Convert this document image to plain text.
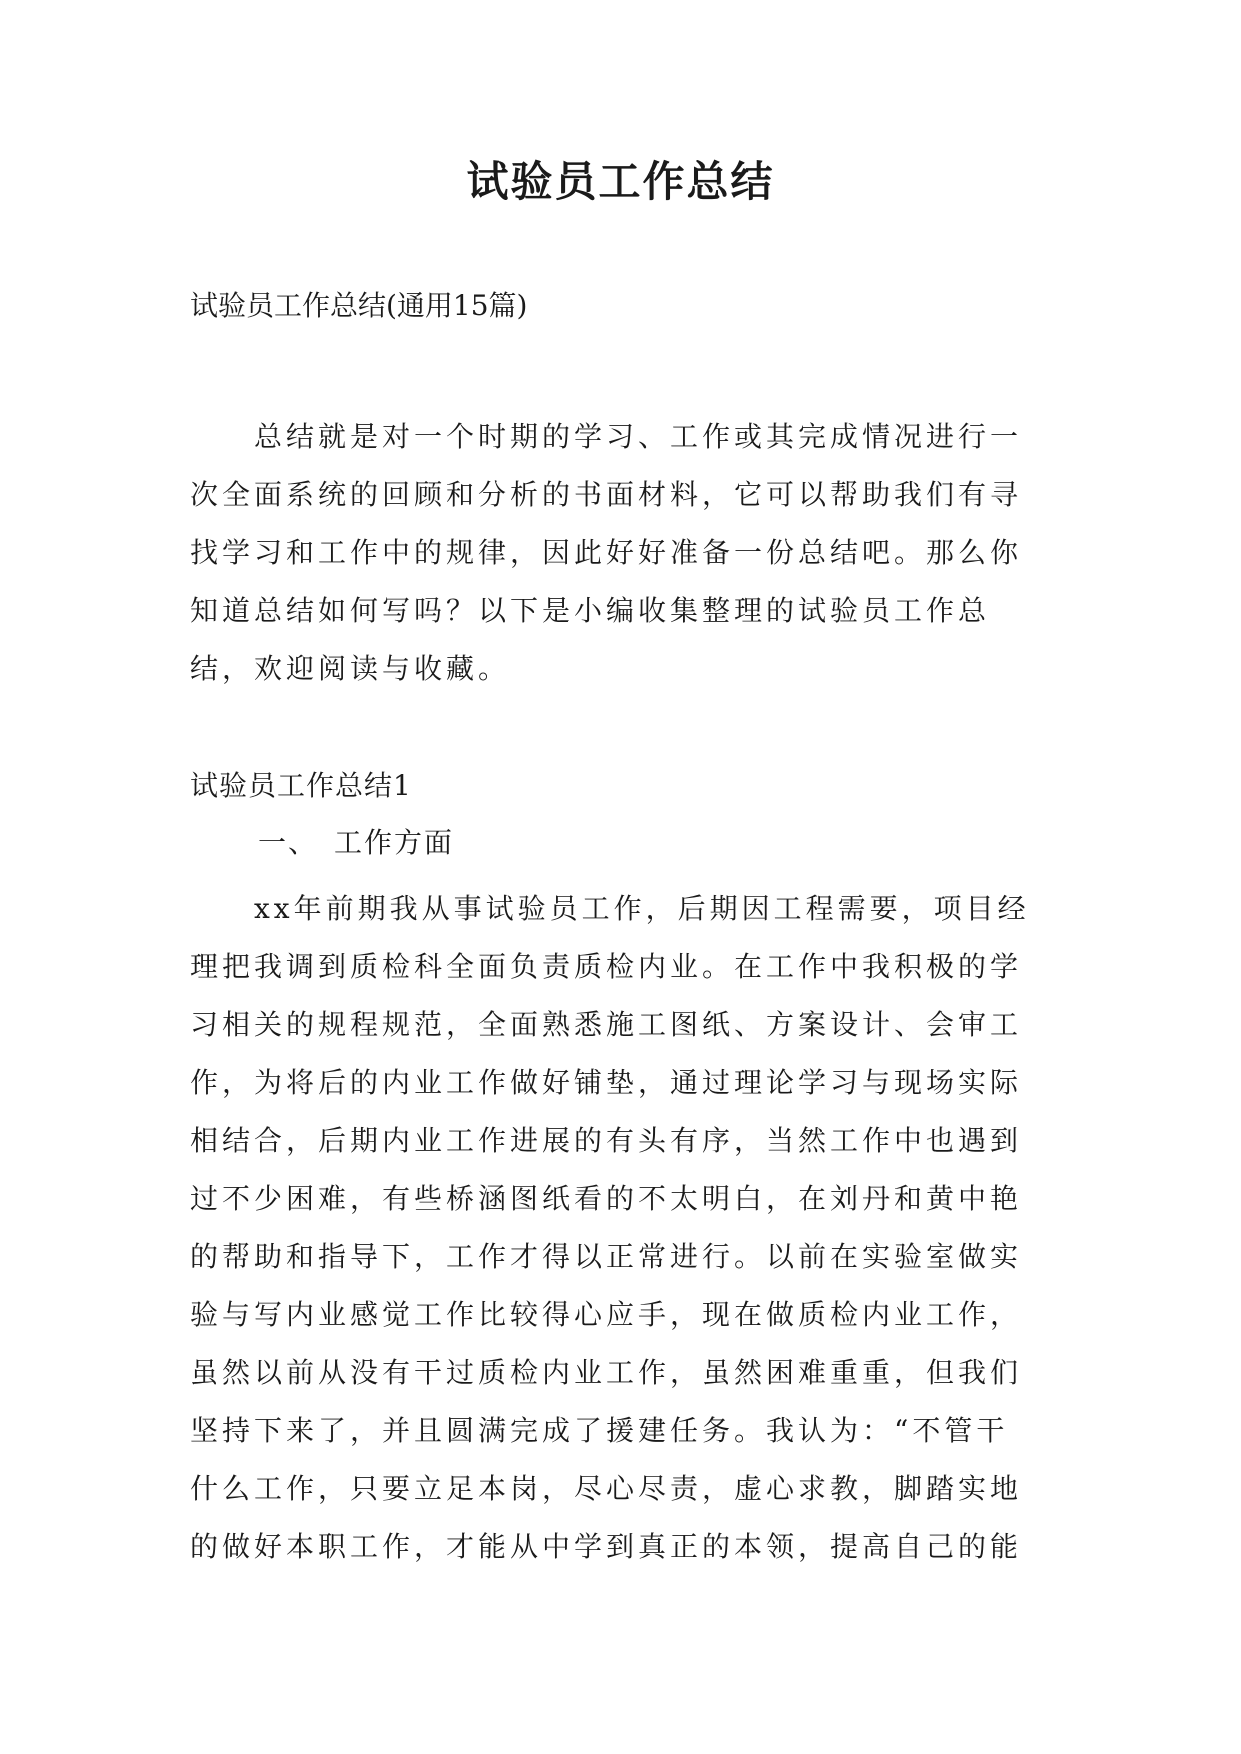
试验员工作总结

试验员工作总结(通用15篇)

　　总结就是对一个时期的学习、工作或其完成情况进行一
次全面系统的回顾和分析的书面材料，它可以帮助我们有寻
找学习和工作中的规律，因此好好准备一份总结吧。那么你
知道总结如何写吗？以下是小编收集整理的试验员工作总
结，欢迎阅读与收藏。

试验员工作总结1

一、　工作方面

　　xx年前期我从事试验员工作，后期因工程需要，项目经
理把我调到质检科全面负责质检内业。在工作中我积极的学
习相关的规程规范，全面熟悉施工图纸、方案设计、会审工
作，为将后的内业工作做好铺垫，通过理论学习与现场实际
相结合，后期内业工作进展的有头有序，当然工作中也遇到
过不少困难，有些桥涵图纸看的不太明白，在刘丹和黄中艳
的帮助和指导下，工作才得以正常进行。以前在实验室做实
验与写内业感觉工作比较得心应手，现在做质检内业工作，
虽然以前从没有干过质检内业工作，虽然困难重重，但我们
坚持下来了，并且圆满完成了援建任务。我认为：“不管干
什么工作，只要立足本岗，尽心尽责，虚心求教，脚踏实地
的做好本职工作，才能从中学到真正的本领，提高自己的能
